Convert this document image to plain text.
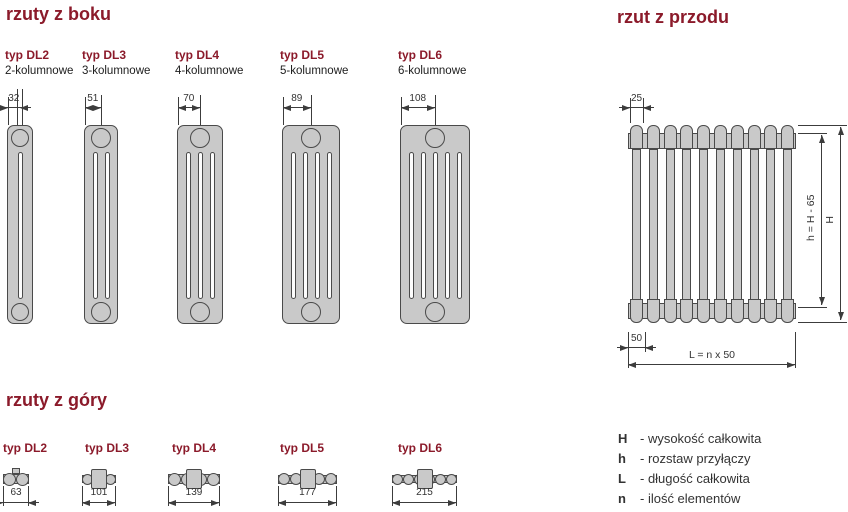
rzuty z boku	rzut z przodu
rzuty z góry
typ DL2
2-kolumnowe
32
typ DL3
3-kolumnowe
51
typ DL4
4-kolumnowe
70
typ DL5
5-kolumnowe
89
typ DL6
6-kolumnowe
108	25
h = H - 65 H
50
L = n x 50
typ DL2
63
typ DL3
101
typ DL4
139
typ DL5
177
typ DL6
215
H - wysokość całkowita
h - rozstaw przyłączy
L - długość całkowita
n - ilość elementów
